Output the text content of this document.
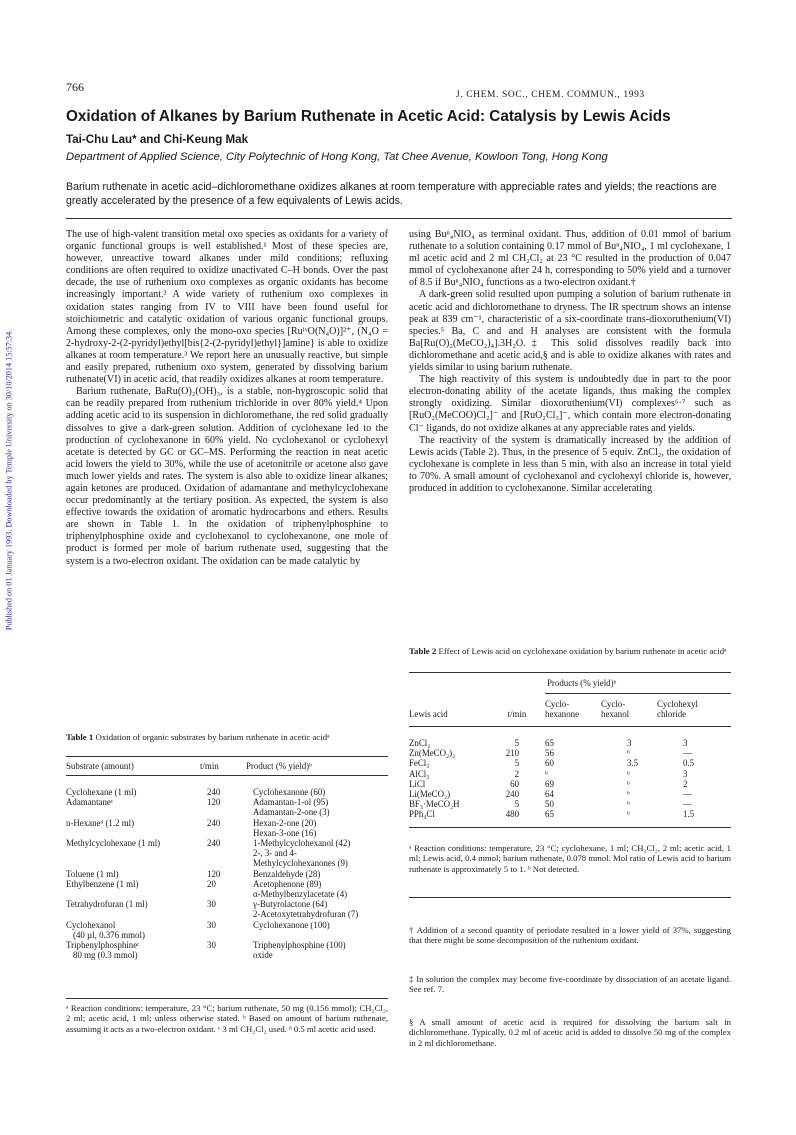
Published on 01 January 1993. Downloaded by Temple University on 30/10/2014 15:57:34.
766
J. CHEM. SOC., CHEM. COMMUN., 1993
Oxidation of Alkanes by Barium Ruthenate in Acetic Acid: Catalysis by Lewis Acids
Tai-Chu Lau* and Chi-Keung Mak
Department of Applied Science, City Polytechnic of Hong Kong, Tat Chee Avenue, Kowloon Tong, Hong Kong
Barium ruthenate in acetic acid–dichloromethane oxidizes alkanes at room temperature with appreciable rates and yields; the reactions are greatly accelerated by the presence of a few equivalents of Lewis acids.

The use of high-valent transition metal oxo species as oxidants for a variety of organic functional groups is well established.¹ Most of these species are, however, unreactive toward alkanes under mild conditions; refluxing conditions are often required to oxidize unactivated C–H bonds. Over the past decade, the use of ruthenium oxo complexes as organic oxidants has become increasingly important.² A wide variety of ruthenium oxo complexes in oxidation states ranging from IV to VIII have been found useful for stoichiometric and catalytic oxidation of various organic functional groups. Among these complexes, only the mono-oxo species [RuᴵᵛO(N₄O)]²⁺, (N₄O = 2-hydroxy-2-(2-pyridyl)ethyl[bis{2-(2-pyridyl)ethyl}]amine} is able to oxidize alkanes at room temperature.³ We report here an unusually reactive, but simple and easily prepared, ruthenium oxo system, generated by dissolving barium ruthenate(VI) in acetic acid, that readily oxidizes alkanes at room temperature.

Barium ruthenate, BaRu(O)₂(OH)₃, is a stable, non-hygroscopic solid that can be readily prepared from ruthenium trichloride in over 80% yield.⁴ Upon adding acetic acid to its suspension in dichloromethane, the red solid gradually dissolves to give a dark-green solution. Addition of cyclohexane led to the production of cyclohexanone in 60% yield. No cyclohexanol or cyclohexyl acetate is detected by GC or GC–MS. Performing the reaction in neat acetic acid lowers the yield to 30%, while the use of acetonitrile or acetone also gave much lower yields and rates. The system is also able to oxidize linear alkanes; again ketones are produced. Oxidation of adamantane and methylcyclohexane occur predominantly at the tertiary position. As expected, the system is also effective towards the oxidation of aromatic hydrocarbons and ethers. Results are shown in Table 1. In the oxidation of triphenylphosphine to triphenylphosphine oxide and cyclohexanol to cyclohexanone, one mole of product is formed per mole of barium ruthenate used, suggesting that the system is a two-electron oxidant. The oxidation can be made catalytic by

Table 1 Oxidation of organic substrates by barium ruthenate in acetic acidᵃ
Substrate (amount)	t/min	Product (% yield)ᵇ
Cyclohexane (1 ml)	240	Cyclohexanone (60)
Adamantaneᶜ	120	Adamantan-1-ol (95)
		Adamantan-2-one (3)
n-Hexaneᵈ (1.2 ml)	240	Hexan-2-one (20)
		Hexan-3-one (16)
Methylcyclohexane (1 ml)	240	1-Methylcyclohexanol (42)
		2-, 3- and 4-
		Methylcyclohexanones (9)
Toluene (1 ml)	120	Benzaldehyde (28)
Ethylbenzene (1 ml)	20	Acetophenone (89)
		α-Methylbenzylacetate (4)
Tetrahydrofuran (1 ml)	30	γ-Butyrolactone (64)
		2-Acetoxytetrahydrofuran (7)
Cyclohexanol	30	Cyclohexanone (100)
(40 µl, 0.376 mmol)		
Triphenylphosphineᶜ	30	Triphenylphosphine (100)
80 mg (0.3 mmol)		oxide
ᵃ Reaction conditions: temperature, 23 °C; barium ruthenate, 50 mg (0.156 mmol); CH₂Cl₂, 2 ml; acetic acid, 1 ml; unless otherwise stated. ᵇ Based on amount of barium ruthenate, assumimg it acts as a two-electron oxidant. ᶜ 3 ml CH₂Cl₂ used. ᵈ 0.5 ml acetic acid used.

using Buⁿ₄NIO₄ as terminal oxidant. Thus, addition of 0.01 mmol of barium ruthenate to a solution containing 0.17 mmol of Buⁿ₄NIO₄, 1 ml cyclohexane, 1 ml acetic acid and 2 ml CH₂Cl₂ at 23 °C resulted in the production of 0.047 mmol of cyclohexanone after 24 h, corresponding to 50% yield and a turnover of 8.5 if Buⁿ₄NIO₄ functions as a two-electron oxidant.†

A dark-green solid resulted upon pumping a solution of barium ruthenate in acetic acid and dichloromethane to dryness. The IR spectrum shows an intense peak at 839 cm⁻¹, characteristic of a six-coordinate trans-dioxoruthenium(VI) species.⁵ Ba, C and and H analyses are consistent with the formula Ba[Ru(O)₂(MeCO₂)₄].3H₂O.‡ This solid dissolves readily back into dichloromethane and acetic acid,§ and is able to oxidize alkanes with rates and yields similar to using barium ruthenate.

The high reactivity of this system is undoubtedly due in part to the poor electron-donating ability of the acetate ligands, thus making the complex strongly oxidizing. Similar dioxoruthenium(VI) complexes⁶·⁷ such as [RuO₂(MeCOO)Cl₂]⁻ and [RuO₂Cl₃]⁻, which contain more electron-donating Cl⁻ ligands, do not oxidize alkanes at any appreciable rates and yields.

The reactivity of the system is dramatically increased by the addition of Lewis acids (Table 2). Thus, in the presence of 5 equiv. ZnCl₂, the oxidation of cyclohexane is complete in less than 5 min, with also an increase in total yield to 70%. A small amount of cyclohexanol and cyclohexyl chloride is, however, produced in addition to cyclohexanone. Similar accelerating

Table 2 Effect of Lewis acid on cyclohexane oxidation by barium ruthenate in acetic acidᵃ
Products (% yield)ᵇ
		Cyclo-	Cyclo-	Cyclohexyl
Lewis acid	t/min	hexanone	hexanol	chloride
ZnCl₂	5	65	3	3
Zn(MeCO₂)₂	210	56	ᵇ	—
FeCl₃	5	60	3.5	0.5
AlCl₃	2	ᵇ	ᵇ	3
LiCl	60	69	ᵇ	2
Li(MeCO₂)	240	64	ᵇ	—
BF₃·MeCO₂H	5	50	ᵇ	—
PPh₄Cl	480	65	ᵇ	1.5
ᵃ Reaction conditions: temperature, 23 °C; cyclohexane, 1 ml; CH₂Cl₂, 2 ml; acetic acid, 1 ml; Lewis acid, 0.4 mmol; barium ruthenate, 0.078 mmol. Mol ratio of Lewis acid to barium ruthenate is approximately 5 to 1. ᵇ Not detected.
† Addition of a second quantity of periodate resulted in a lower yield of 37%, suggesting that there might be some decomposition of the ruthenium oxidant.
‡ In solution the complex may become five-coordinate by dissociation of an acetate ligand. See ref. 7.
§ A small amount of acetic acid is required for dissolving the barium salt in dichloromethane. Typically, 0.2 ml of acetic acid is added to dissolve 50 mg of the complex in 2 ml dichloromethane.
